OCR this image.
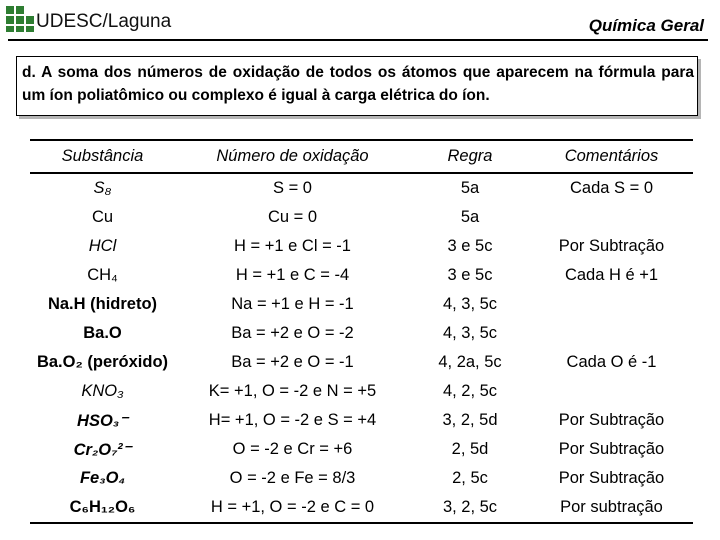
UDESC/Laguna	Química Geral
d. A soma dos números de oxidação de todos os átomos que aparecem na fórmula para um íon poliatômico ou complexo é igual à carga elétrica do íon.
Substância	Número de oxidação	Regra	Comentários
S₈	S = 0	5a	Cada S = 0
Cu	Cu = 0	5a	
HCl	H = +1 e Cl = -1	3 e 5c	Por Subtração
CH₄	H = +1 e C = -4	3 e 5c	Cada H é +1
Na.H (hidreto)	Na = +1 e H = -1	4, 3, 5c	
Ba.O	Ba = +2 e O = -2	4, 3, 5c	
Ba.O₂ (peróxido)	Ba = +2 e O = -1	4, 2a, 5c	Cada O é -1
KNO₃	K= +1, O = -2 e N = +5	4, 2, 5c	
HSO₃⁻	H= +1, O = -2 e S = +4	3, 2, 5d	Por Subtração
Cr₂O₇²⁻	O = -2 e Cr = +6	2, 5d	Por Subtração
Fe₃O₄	O = -2 e Fe = 8/3	2, 5c	Por Subtração
C₆H₁₂O₆	H = +1, O = -2 e C = 0	3, 2, 5c	Por subtração
